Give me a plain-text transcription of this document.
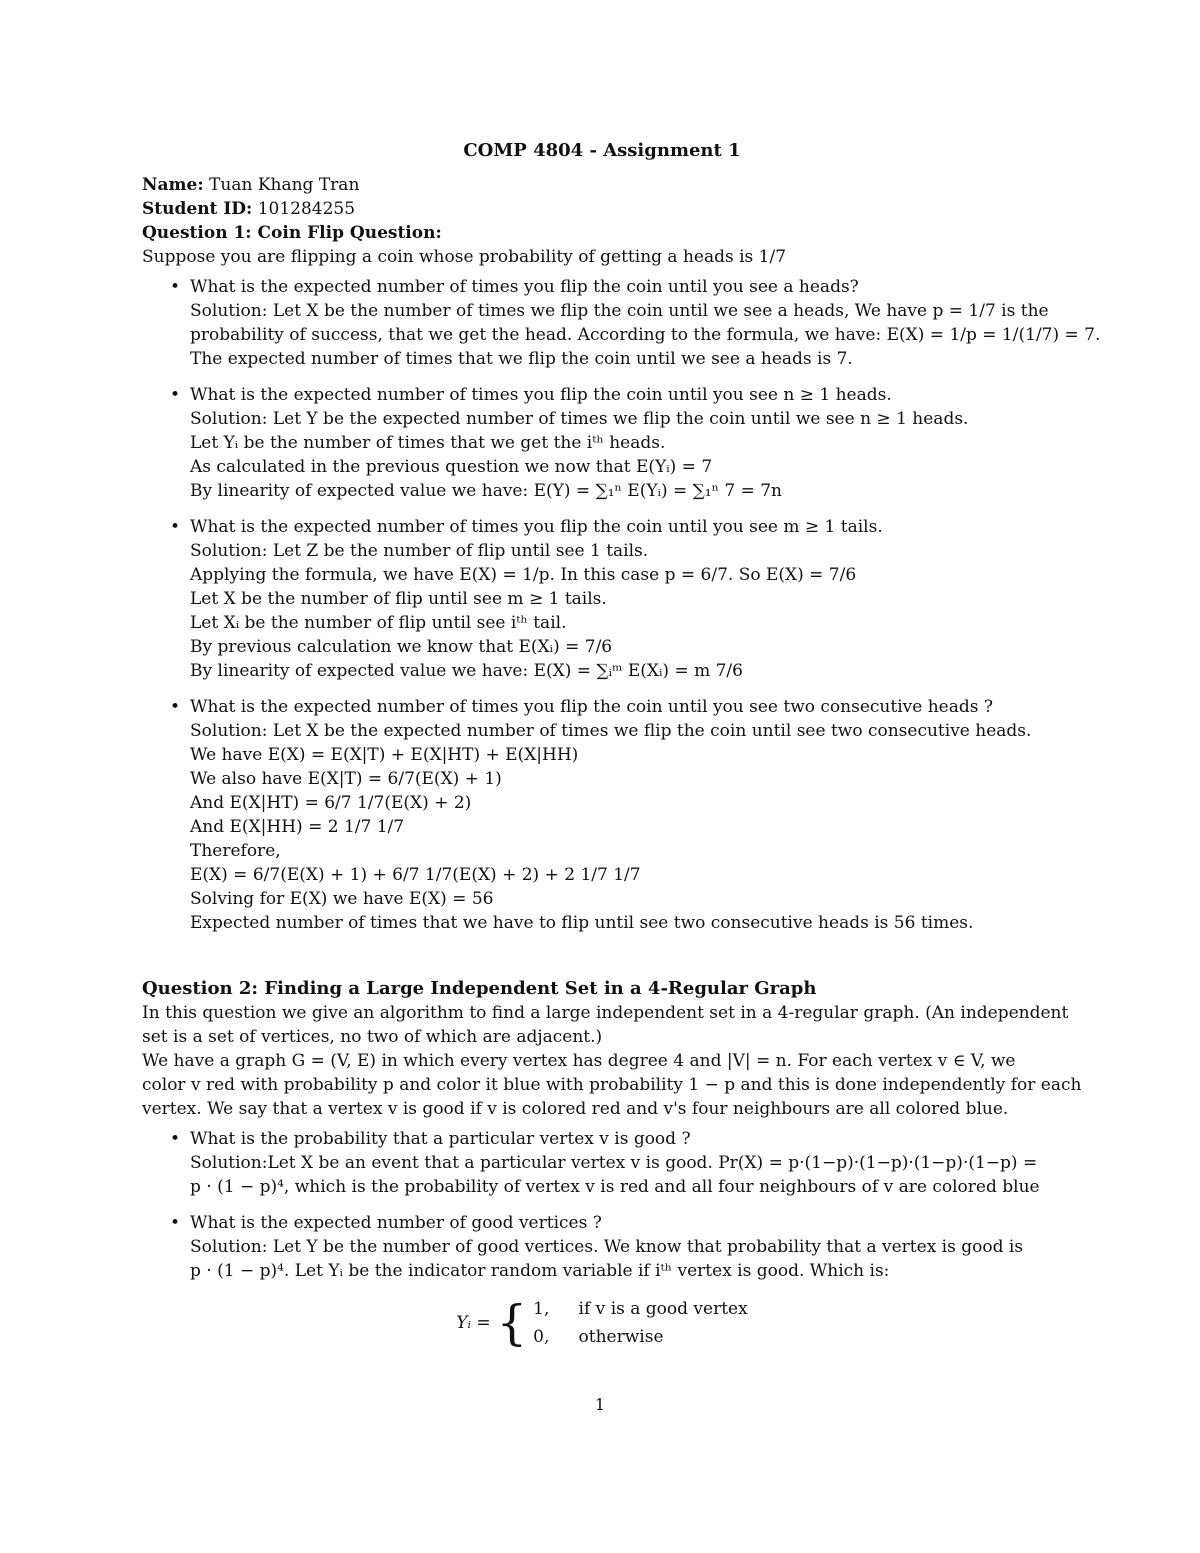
COMP 4804 - Assignment 1
Name: Tuan Khang Tran
Student ID: 101284255
Question 1: Coin Flip Question:
Suppose you are flipping a coin whose probability of getting a heads is 1/7
• What is the expected number of times you flip the coin until you see a heads?
Solution: Let X be the number of times we flip the coin until we see a heads, We have p = 1/7 is the
probability of success, that we get the head. According to the formula, we have: E(X) = 1/p = 1/(1/7) = 7.
The expected number of times that we flip the coin until we see a heads is 7.
• What is the expected number of times you flip the coin until you see n ≥ 1 heads.
Solution: Let Y be the expected number of times we flip the coin until we see n ≥ 1 heads.
Let Yᵢ be the number of times that we get the iᵗʰ heads.
As calculated in the previous question we now that E(Yᵢ) = 7
By linearity of expected value we have: E(Y) = ∑₁ⁿ E(Yᵢ) = ∑₁ⁿ 7 = 7n
• What is the expected number of times you flip the coin until you see m ≥ 1 tails.
Solution: Let Z be the number of flip until see 1 tails.
Applying the formula, we have E(X) = 1/p. In this case p = 6/7. So E(X) = 7/6
Let X be the number of flip until see m ≥ 1 tails.
Let Xᵢ be the number of flip until see iᵗʰ tail.
By previous calculation we know that E(Xᵢ) = 7/6
By linearity of expected value we have: E(X) = ∑ᵢᵐ E(Xᵢ) = m 7/6
• What is the expected number of times you flip the coin until you see two consecutive heads ?
Solution: Let X be the expected number of times we flip the coin until see two consecutive heads.
We have E(X) = E(X|T) + E(X|HT) + E(X|HH)
We also have E(X|T) = 6/7(E(X) + 1)
And E(X|HT) = 6/7 1/7(E(X) + 2)
And E(X|HH) = 2 1/7 1/7
Therefore,
E(X) = 6/7(E(X) + 1) + 6/7 1/7(E(X) + 2) + 2 1/7 1/7
Solving for E(X) we have E(X) = 56
Expected number of times that we have to flip until see two consecutive heads is 56 times.
Question 2: Finding a Large Independent Set in a 4-Regular Graph
In this question we give an algorithm to find a large independent set in a 4-regular graph. (An independent
set is a set of vertices, no two of which are adjacent.)
We have a graph G = (V, E) in which every vertex has degree 4 and |V| = n. For each vertex v ∈ V, we
color v red with probability p and color it blue with probability 1 − p and this is done independently for each
vertex. We say that a vertex v is good if v is colored red and v's four neighbours are all colored blue.
• What is the probability that a particular vertex v is good ?
Solution:Let X be an event that a particular vertex v is good. Pr(X) = p·(1−p)·(1−p)·(1−p)·(1−p) =
p · (1 − p)⁴, which is the probability of vertex v is red and all four neighbours of v are colored blue
• What is the expected number of good vertices ?
Solution: Let Y be the number of good vertices. We know that probability that a vertex is good is
p · (1 − p)⁴. Let Yᵢ be the indicator random variable if iᵗʰ vertex is good. Which is:
Yᵢ = { 1, if v is a good vertex
0, otherwise
1
